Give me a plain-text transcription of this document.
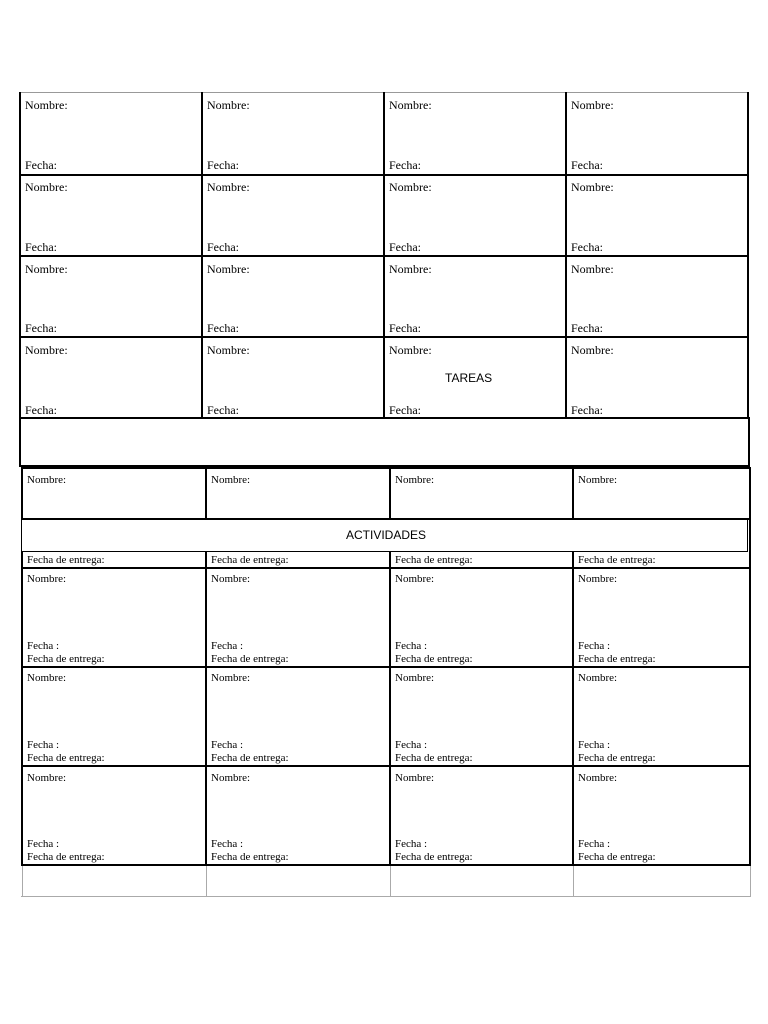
Nombre:	Nombre:	Nombre:	Nombre:
Fecha:	Fecha:	Fecha:	Fecha:
Nombre:	Nombre:	Nombre:	Nombre:
Fecha:	Fecha:	Fecha:	Fecha:
Nombre:	Nombre:	Nombre:	Nombre:
Fecha:	Fecha:	Fecha:	Fecha:
Nombre:	Nombre:	Nombre:	Nombre:
TAREAS
Fecha:	Fecha:	Fecha:	Fecha:
ACTIVIDADES
Nombre:	Nombre:	Nombre:	Nombre:
Fecha de entrega:	Fecha de entrega:	Fecha de entrega:	Fecha de entrega:
Nombre:	Nombre:	Nombre:	Nombre:
Fecha :	Fecha :	Fecha :	Fecha :
Fecha de entrega:	Fecha de entrega:	Fecha de entrega:	Fecha de entrega:
Nombre:	Nombre:	Nombre:	Nombre:
Fecha :	Fecha :	Fecha :	Fecha :
Fecha de entrega:	Fecha de entrega:	Fecha de entrega:	Fecha de entrega:
Nombre:	Nombre:	Nombre:	Nombre:
Fecha :	Fecha :	Fecha :	Fecha :
Fecha de entrega:	Fecha de entrega:	Fecha de entrega:	Fecha de entrega:
